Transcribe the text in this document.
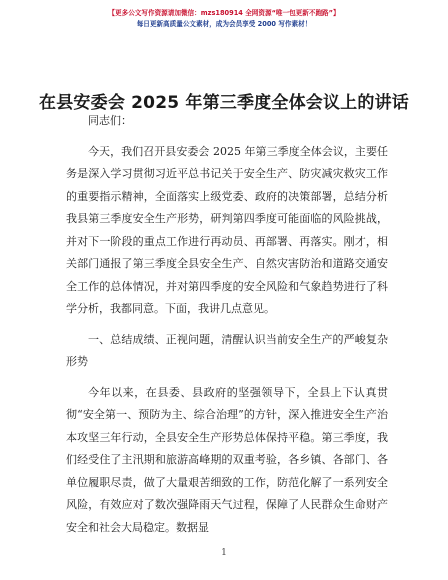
【更多公文写作资源请加微信：mzs180914 全网资源“唯一包更新不跑路”】
每日更新高质量公文素材，成为会员享受 2000 写作素材！
在县安委会 2025 年第三季度全体会议上的讲话

同志们：

今天，我们召开县安委会 2025 年第三季度全体会议，主要任务是深入学习贯彻习近平总书记关于安全生产、防灾减灾救灾工作的重要指示精神，全面落实上级党委、政府的决策部署，总结分析我县第三季度安全生产形势，研判第四季度可能面临的风险挑战，并对下一阶段的重点工作进行再动员、再部署、再落实。刚才，相关部门通报了第三季度全县安全生产、自然灾害防治和道路交通安全工作的总体情况，并对第四季度的安全风险和气象趋势进行了科学分析，我都同意。下面，我讲几点意见。

一、总结成绩、正视问题，清醒认识当前安全生产的严峻复杂形势

今年以来，在县委、县政府的坚强领导下，全县上下认真贯彻“安全第一、预防为主、综合治理”的方针，深入推进安全生产治本攻坚三年行动，全县安全生产形势总体保持平稳。第三季度，我们经受住了主汛期和旅游高峰期的双重考验，各乡镇、各部门、各单位履职尽责，做了大量艰苦细致的工作，防范化解了一系列安全风险，有效应对了数次强降雨天气过程，保障了人民群众生命财产安全和社会大局稳定。数据显

1
